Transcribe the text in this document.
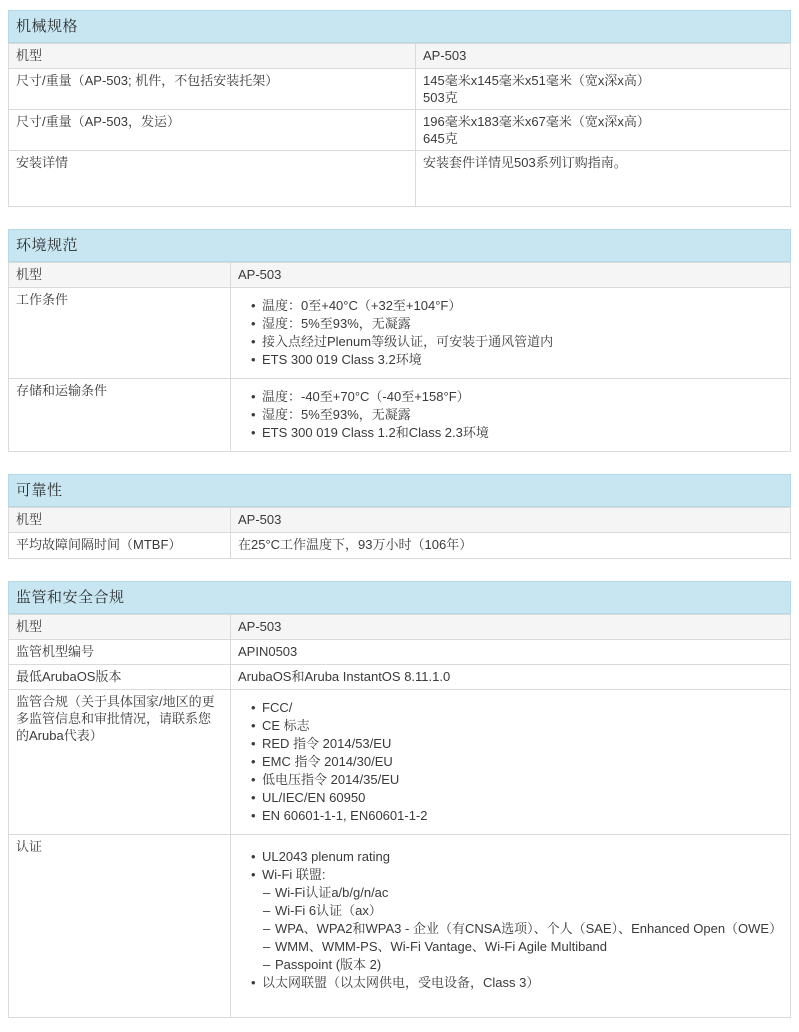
机械规格
机型	AP-503

尺寸/重量（AP-503; 机件，不包括安装托架）	145毫米x145毫米x51毫米（宽x深x高）
503克

尺寸/重量（AP-503，发运）	196毫米x183毫米x67毫米（宽x深x高）
645克

安装详情	安装套件详情见503系列订购指南。
环境规范
机型	AP-503

工作条件	
•温度：0至+40°C（+32至+104°F）
• 湿度：5%至93%，无凝露
• 接入点经过Plenum等级认证，可安装于通风管道内
• ETS 300 019 Class 3.2环境

存储和运输条件	
•温度：-40至+70°C（-40至+158°F）
• 湿度：5%至93%，无凝露
• ETS 300 019 Class 1.2和Class 2.3环境
可靠性
机型	AP-503

平均故障间隔时间（MTBF）	在25°C工作温度下，93万小时（106年）
监管和安全合规
机型	AP-503

监管机型编号	APIN0503

最低ArubaOS版本	ArubaOS和Aruba InstantOS 8.11.1.0

监管合规（关于具体国家/地区的更多监管信息和审批情况，请联系您的Aruba代表）	
• FCC/
• CE 标志
• RED 指令 2014/53/EU
• EMC 指令 2014/30/EU
• 低电压指令 2014/35/EU
• UL/IEC/EN 60950
• EN 60601-1-1, EN60601-1-2

认证	
• UL2043 plenum rating
• Wi-Fi 联盟:
– Wi-Fi认证a/b/g/n/ac
– Wi-Fi 6认证（ax）
– WPA、WPA2和WPA3 - 企业（有CNSA选项）、个人（SAE）、Enhanced Open（OWE）
– WMM、WMM-PS、Wi-Fi Vantage、Wi-Fi Agile Multiband
– Passpoint (版本 2)
• 以太网联盟（以太网供电，受电设备，Class 3）
